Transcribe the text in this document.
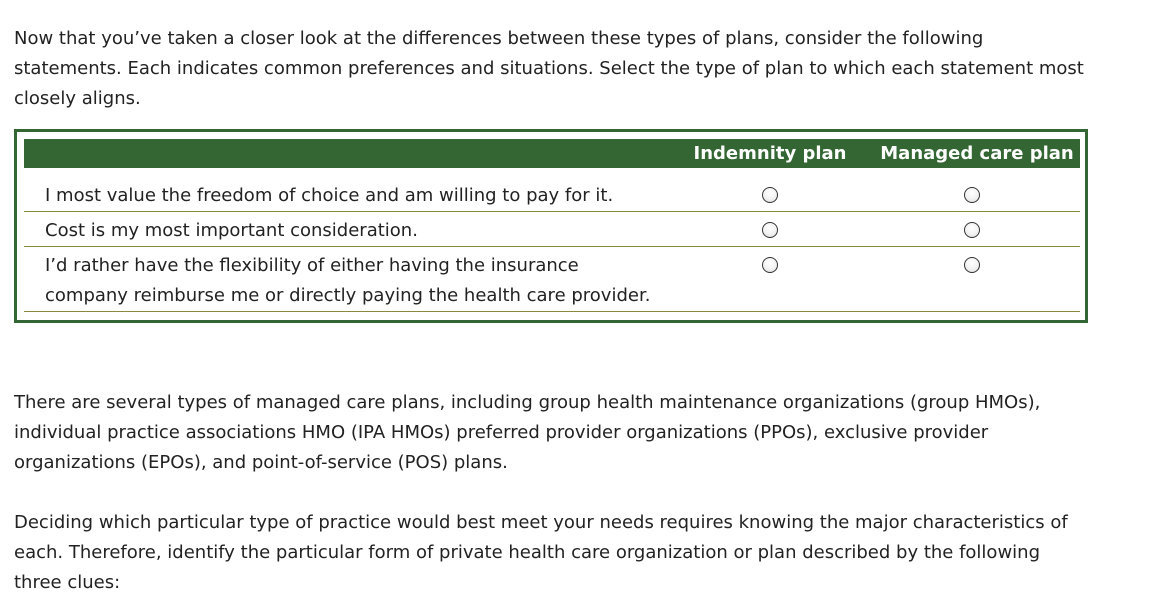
Now that you’ve taken a closer look at the differences between these types of plans, consider the following
statements. Each indicates common preferences and situations. Select the type of plan to which each statement most
closely aligns.

Indemnity plan Managed care plan
I most value the freedom of choice and am willing to pay for it.
Cost is my most important consideration.
I’d rather have the flexibility of either having the insurance
company reimburse me or directly paying the health care provider.

There are several types of managed care plans, including group health maintenance organizations (group HMOs),
individual practice associations HMO (IPA HMOs) preferred provider organizations (PPOs), exclusive provider
organizations (EPOs), and point-of-service (POS) plans.

Deciding which particular type of practice would best meet your needs requires knowing the major characteristics of
each. Therefore, identify the particular form of private health care organization or plan described by the following
three clues:
